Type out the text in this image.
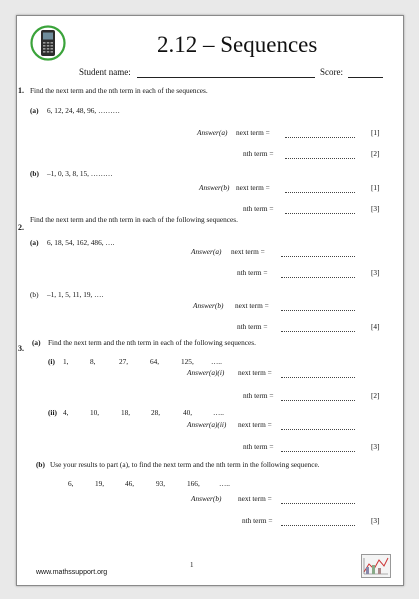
2.12 – Sequences
Student name:	Score:
1. Find the next term and the nth term in each of the sequences.
(a) 6, 12, 24, 48, 96, ………
Answer(a) next term =	[1]
nth term =	[2]
(b) –1, 0, 3, 8, 15, ………
Answer(b) next term =	[1]
nth term =	[3]
2.
Find the next term and the nth term in each of the following sequences.
(a) 6, 18, 54, 162, 486, ….
Answer(a) next term =
nth term =	[3]
(b) –1, 1, 5, 11, 19, ….
Answer(b) next term =
nth term =	[4]
3.
(a) Find the next term and the nth term in each of the following sequences.
(i) 1,	8,	27,	64,	125, …..
Answer(a)(i) next term =
nth term =	[2]
(ii) 4,	10,	18,	28,	40,	…..
Answer(a)(ii) next term =
nth term =	[3]
(b) Use your results to part (a), to find the next term and the nth term in the following sequence.
6,	19,	46,	93,	166,	…..
Answer(b) next term =
nth term =	[3]
1
www.mathssupport.org
